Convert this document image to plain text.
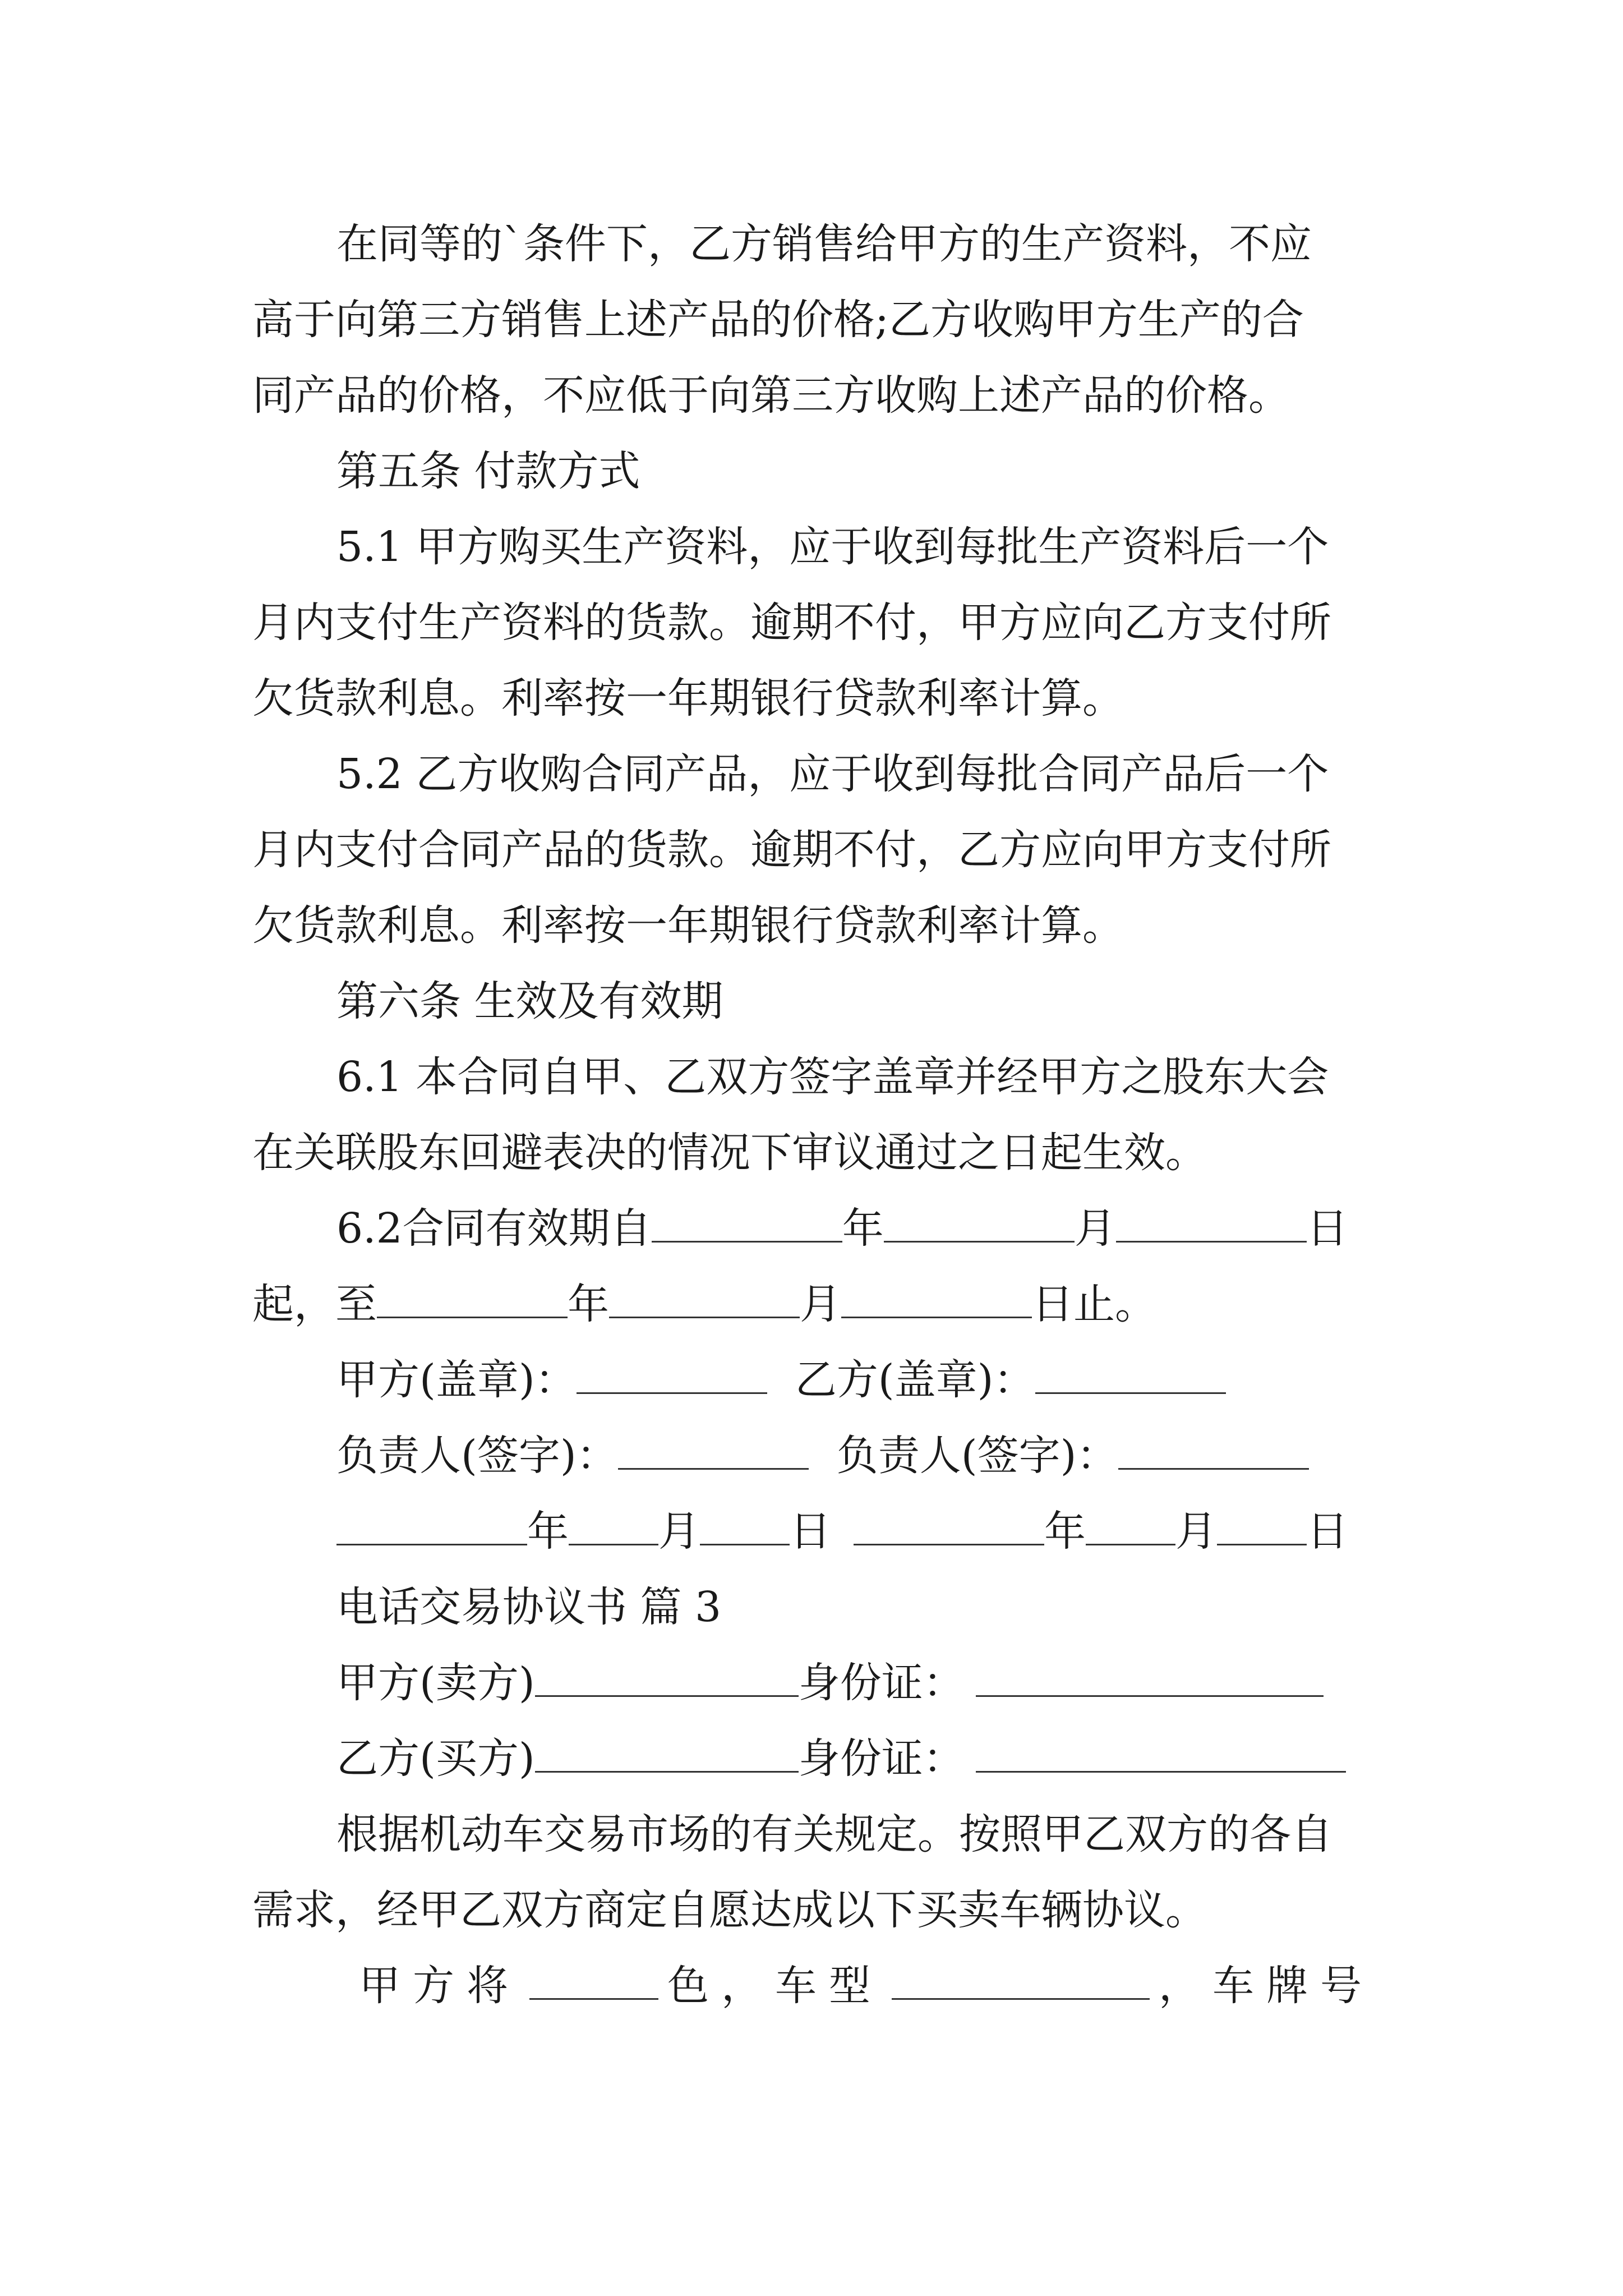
在同等的`条件下，乙方销售给甲方的生产资料，不应
高于向第三方销售上述产品的价格;乙方收购甲方生产的合
同产品的价格，不应低于向第三方收购上述产品的价格。
第五条 付款方式
5.1 甲方购买生产资料，应于收到每批生产资料后一个
月内支付生产资料的货款。逾期不付，甲方应向乙方支付所
欠货款利息。利率按一年期银行贷款利率计算。
5.2 乙方收购合同产品，应于收到每批合同产品后一个
月内支付合同产品的货款。逾期不付，乙方应向甲方支付所
欠货款利息。利率按一年期银行贷款利率计算。
第六条 生效及有效期
6.1 本合同自甲、乙双方签字盖章并经甲方之股东大会
在关联股东回避表决的情况下审议通过之日起生效。
6.2合同有效期自	年	月	日
起，至	年	月	日止。
甲方(盖章)：	乙方(盖章)：
负责人(签字)：	负责人(签字)：
年 月 日	年 月 日
电话交易协议书 篇 3
甲方(卖方)	身份证：
乙方(买方)	身份证：
根据机动车交易市场的有关规定。按照甲乙双方的各自
需求，经甲乙双方商定自愿达成以下买卖车辆协议。
甲方将	色，车型	，车牌号
